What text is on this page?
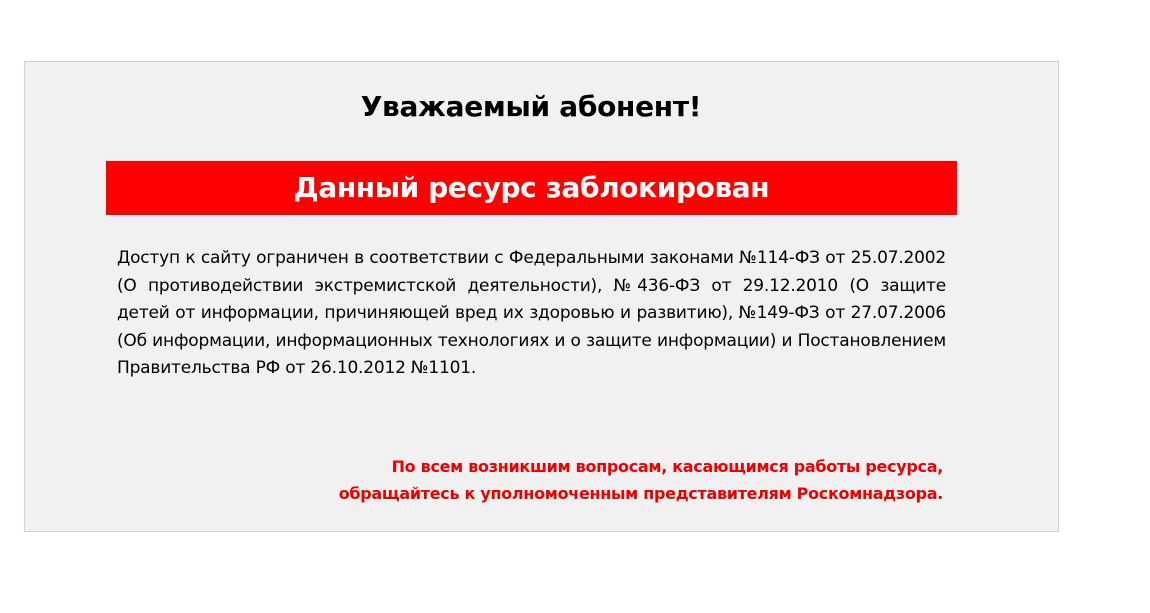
Уважаемый абонент!
Данный ресурс заблокирован

Доступ к сайту ограничен в соответствии с Федеральными законами №114-ФЗ от 25.07.2002 (О противодействии экстремистской деятельности), №436-ФЗ от 29.12.2010 (О защите детей от информации, причиняющей вред их здоровью и развитию), №149-ФЗ от 27.07.2006 (Об информации, информационных технологиях и о защите информации) и Постановлением Правительства РФ от 26.10.2012 №1101.

По всем возникшим вопросам, касающимся работы ресурса,
обращайтесь к уполномоченным представителям Роскомнадзора.
